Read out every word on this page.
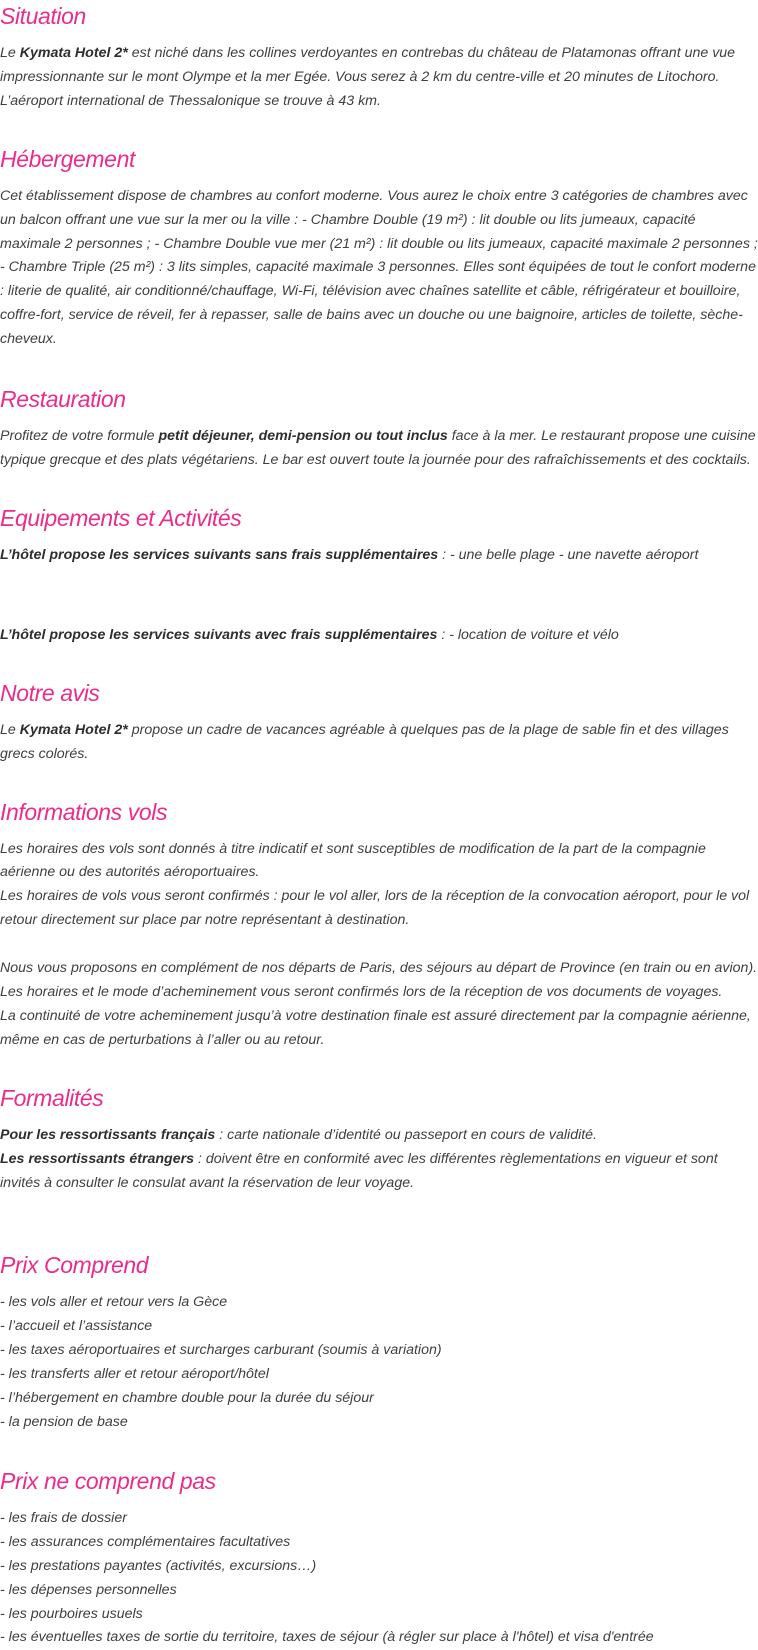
Situation

Le Kymata Hotel 2* est niché dans les collines verdoyantes en contrebas du château de Platamonas offrant une vue impressionnante sur le mont Olympe et la mer Egée. Vous serez à 2 km du centre-ville et 20 minutes de Litochoro. L’aéroport international de Thessalonique se trouve à 43 km.

Hébergement

Cet établissement dispose de chambres au confort moderne. Vous aurez le choix entre 3 catégories de chambres avec un balcon offrant une vue sur la mer ou la ville : - Chambre Double (19 m²) : lit double ou lits jumeaux, capacité maximale 2 personnes ; - Chambre Double vue mer (21 m²) : lit double ou lits jumeaux, capacité maximale 2 personnes ; - Chambre Triple (25 m²) : 3 lits simples, capacité maximale 3 personnes. Elles sont équipées de tout le confort moderne : literie de qualité, air conditionné/chauffage, Wi-Fi, télévision avec chaînes satellite et câble, réfrigérateur et bouilloire, coffre-fort, service de réveil, fer à repasser, salle de bains avec un douche ou une baignoire, articles de toilette, sèche-cheveux.

Restauration

Profitez de votre formule petit déjeuner, demi-pension ou tout inclus face à la mer. Le restaurant propose une cuisine typique grecque et des plats végétariens. Le bar est ouvert toute la journée pour des rafraîchissements et des cocktails.

Equipements et Activités

L’hôtel propose les services suivants sans frais supplémentaires : - une belle plage - une navette aéroport

L’hôtel propose les services suivants avec frais supplémentaires : - location de voiture et vélo

Notre avis

Le Kymata Hotel 2* propose un cadre de vacances agréable à quelques pas de la plage de sable fin et des villages grecs colorés.

Informations vols

Les horaires des vols sont donnés à titre indicatif et sont susceptibles de modification de la part de la compagnie aérienne ou des autorités aéroportuaires.
Les horaires de vols vous seront confirmés : pour le vol aller, lors de la réception de la convocation aéroport, pour le vol retour directement sur place par notre représentant à destination.

Nous vous proposons en complément de nos départs de Paris, des séjours au départ de Province (en train ou en avion).
Les horaires et le mode d’acheminement vous seront confirmés lors de la réception de vos documents de voyages.
La continuité de votre acheminement jusqu’à votre destination finale est assuré directement par la compagnie aérienne, même en cas de perturbations à l’aller ou au retour.

Formalités

Pour les ressortissants français : carte nationale d’identité ou passeport en cours de validité.
Les ressortissants étrangers : doivent être en conformité avec les différentes règlementations en vigueur et sont invités à consulter le consulat avant la réservation de leur voyage.

Prix Comprend

- les vols aller et retour vers la Gèce
- l’accueil et l’assistance
- les taxes aéroportuaires et surcharges carburant (soumis à variation)
- les transferts aller et retour aéroport/hôtel
- l’hébergement en chambre double pour la durée du séjour
- la pension de base

Prix ne comprend pas

- les frais de dossier
- les assurances complémentaires facultatives
- les prestations payantes (activités, excursions…)
- les dépenses personnelles
- les pourboires usuels
- les éventuelles taxes de sortie du territoire, taxes de séjour (à régler sur place à l'hôtel) et visa d'entrée
